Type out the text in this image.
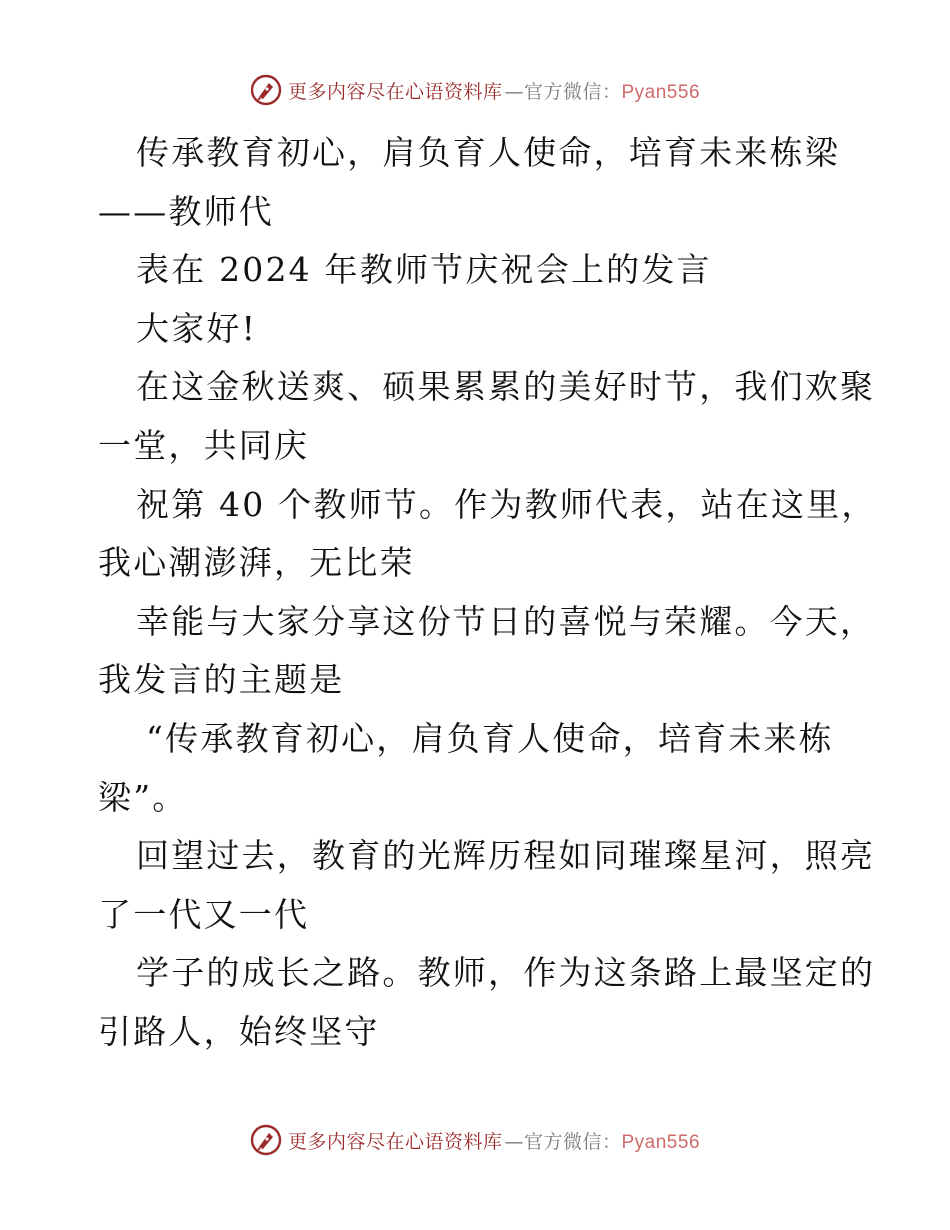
更多内容尽在心语资料库 —官方微信： Pyan556
传承教育初心，肩负育人使命，培育未来栋梁
——教师代
表在 2024 年教师节庆祝会上的发言
大家好!
在这金秋送爽、硕果累累的美好时节，我们欢聚
一堂，共同庆
祝第 40 个教师节。作为教师代表，站在这里，
我心潮澎湃，无比荣
幸能与大家分享这份节日的喜悦与荣耀。今天，
我发言的主题是
“传承教育初心，肩负育人使命，培育未来栋
梁”。
回望过去，教育的光辉历程如同璀璨星河，照亮
了一代又一代
学子的成长之路。教师，作为这条路上最坚定的
引路人，始终坚守
更多内容尽在心语资料库 —官方微信： Pyan556
